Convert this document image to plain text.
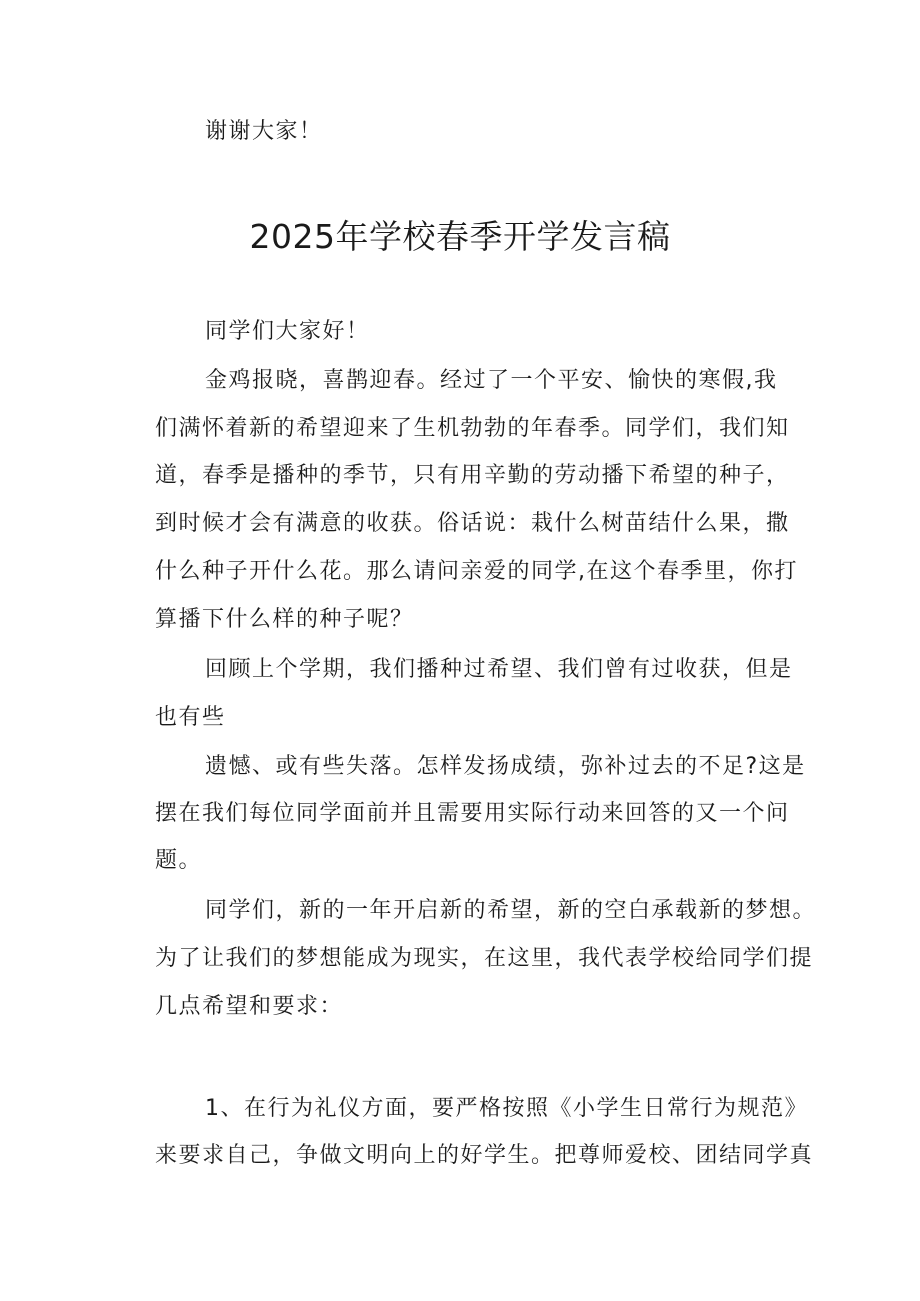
谢谢大家！
2025年学校春季开学发言稿
同学们大家好！
金鸡报晓，喜鹊迎春。经过了一个平安、愉快的寒假,我
们满怀着新的希望迎来了生机勃勃的年春季。同学们，我们知
道，春季是播种的季节，只有用辛勤的劳动播下希望的种子，
到时候才会有满意的收获。俗话说：栽什么树苗结什么果，撒
什么种子开什么花。那么请问亲爱的同学,在这个春季里，你打
算播下什么样的种子呢？
回顾上个学期，我们播种过希望、我们曾有过收获，但是
也有些
遗憾、或有些失落。怎样发扬成绩，弥补过去的不足?这是
摆在我们每位同学面前并且需要用实际行动来回答的又一个问
题。
同学们，新的一年开启新的希望，新的空白承载新的梦想。
为了让我们的梦想能成为现实，在这里，我代表学校给同学们提
几点希望和要求：
1、在行为礼仪方面，要严格按照《小学生日常行为规范》
来要求自己，争做文明向上的好学生。把尊师爱校、团结同学真
